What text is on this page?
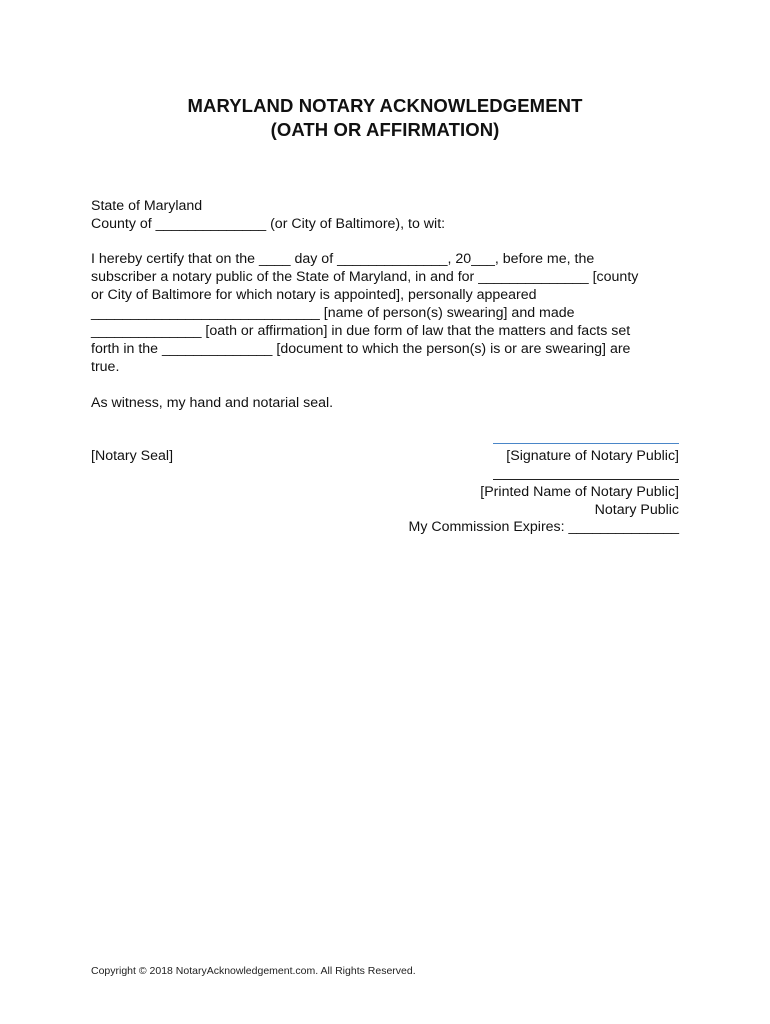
MARYLAND NOTARY ACKNOWLEDGEMENT
(OATH OR AFFIRMATION)
State of Maryland
County of ______________ (or City of Baltimore), to wit:
I hereby certify that on the ____ day of ______________, 20___, before me, the
subscriber a notary public of the State of Maryland, in and for ______________ [county
or City of Baltimore for which notary is appointed], personally appeared
_____________________________ [name of person(s) swearing] and made
______________ [oath or affirmation] in due form of law that the matters and facts set
forth in the ______________ [document to which the person(s) is or are swearing] are
true.
As witness, my hand and notarial seal.
[Notary Seal]	[Signature of Notary Public]
[Printed Name of Notary Public]
Notary Public
My Commission Expires: ______________
Copyright © 2018 NotaryAcknowledgement.com. All Rights Reserved.
